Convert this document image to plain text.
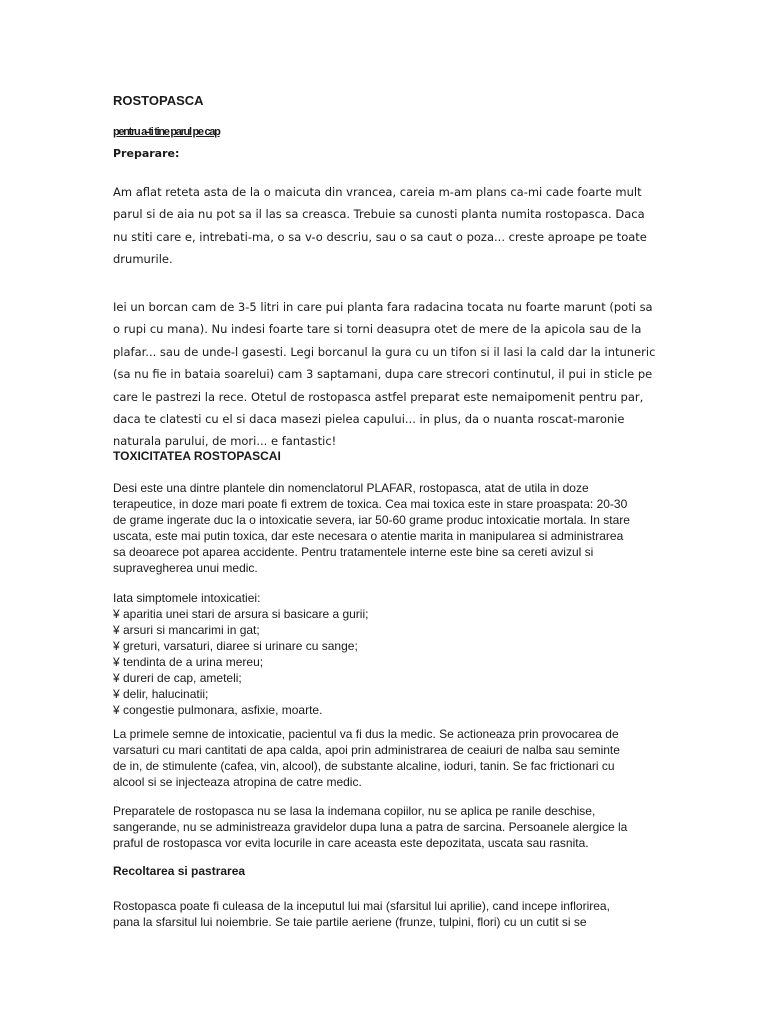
ROSTOPASCA

pentru a-ti tine parul pe cap

Preparare:

Am aflat reteta asta de la o maicuta din vrancea, careia m-am plans ca-mi cade foarte mult
parul si de aia nu pot sa il las sa creasca. Trebuie sa cunosti planta numita rostopasca. Daca
nu stiti care e, intrebati-ma, o sa v-o descriu, sau o sa caut o poza... creste aproape pe toate
drumurile.
Iei un borcan cam de 3-5 litri in care pui planta fara radacina tocata nu foarte marunt (poti sa
o rupi cu mana). Nu indesi foarte tare si torni deasupra otet de mere de la apicola sau de la
plafar... sau de unde-l gasesti. Legi borcanul la gura cu un tifon si il lasi la cald dar la intuneric
(sa nu fie in bataia soarelui) cam 3 saptamani, dupa care strecori continutul, il pui in sticle pe
care le pastrezi la rece. Otetul de rostopasca astfel preparat este nemaipomenit pentru par,
daca te clatesti cu el si daca masezi pielea capului... in plus, da o nuanta roscat-maronie
naturala parului, de mori... e fantastic!
TOXICITATEA ROSTOPASCAI
Desi este una dintre plantele din nomenclatorul PLAFAR, rostopasca, atat de utila in doze
terapeutice, in doze mari poate fi extrem de toxica. Cea mai toxica este in stare proaspata: 20-30
de grame ingerate duc la o intoxicatie severa, iar 50-60 grame produc intoxicatie mortala. In stare
uscata, este mai putin toxica, dar este necesara o atentie marita in manipularea si administrarea
sa deoarece pot aparea accidente. Pentru tratamentele interne este bine sa cereti avizul si
supravegherea unui medic.
Iata simptomele intoxicatiei:
¥ aparitia unei stari de arsura si basicare a gurii;
¥ arsuri si mancarimi in gat;
¥ greturi, varsaturi, diaree si urinare cu sange;
¥ tendinta de a urina mereu;
¥ dureri de cap, ameteli;
¥ delir, halucinatii;
¥ congestie pulmonara, asfixie, moarte.
La primele semne de intoxicatie, pacientul va fi dus la medic. Se actioneaza prin provocarea de
varsaturi cu mari cantitati de apa calda, apoi prin administrarea de ceaiuri de nalba sau seminte
de in, de stimulente (cafea, vin, alcool), de substante alcaline, ioduri, tanin. Se fac frictionari cu
alcool si se injecteaza atropina de catre medic.
Preparatele de rostopasca nu se lasa la indemana copiilor, nu se aplica pe ranile deschise,
sangerande, nu se administreaza gravidelor dupa luna a patra de sarcina. Persoanele alergice la
praful de rostopasca vor evita locurile in care aceasta este depozitata, uscata sau rasnita.
Recoltarea si pastrarea
Rostopasca poate fi culeasa de la inceputul lui mai (sfarsitul lui aprilie), cand incepe inflorirea,
pana la sfarsitul lui noiembrie. Se taie partile aeriene (frunze, tulpini, flori) cu un cutit si se
